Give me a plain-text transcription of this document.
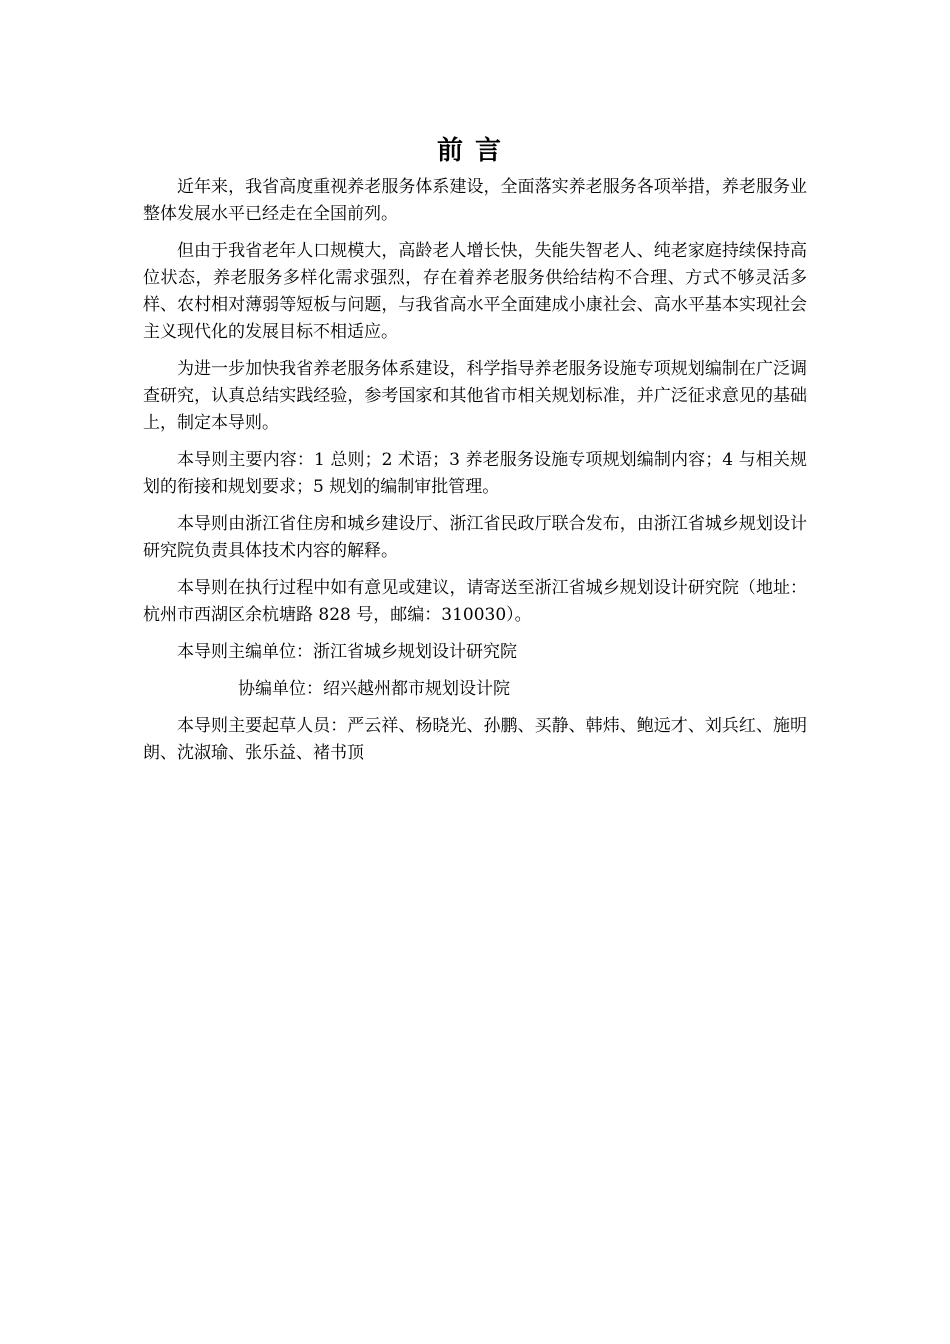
前言

近年来，我省高度重视养老服务体系建设，全面落实养老服务各项举措，养老服务业整体发展水平已经走在全国前列。

但由于我省老年人口规模大，高龄老人增长快，失能失智老人、纯老家庭持续保持高位状态，养老服务多样化需求强烈，存在着养老服务供给结构不合理、方式不够灵活多样、农村相对薄弱等短板与问题，与我省高水平全面建成小康社会、高水平基本实现社会主义现代化的发展目标不相适应。

为进一步加快我省养老服务体系建设，科学指导养老服务设施专项规划编制在广泛调查研究，认真总结实践经验，参考国家和其他省市相关规划标准，并广泛征求意见的基础上，制定本导则。

本导则主要内容：1 总则；2 术语；3 养老服务设施专项规划编制内容；4 与相关规划的衔接和规划要求；5 规划的编制审批管理。

本导则由浙江省住房和城乡建设厅、浙江省民政厅联合发布，由浙江省城乡规划设计研究院负责具体技术内容的解释。

本导则在执行过程中如有意见或建议，请寄送至浙江省城乡规划设计研究院（地址：杭州市西湖区余杭塘路 828 号，邮编：310030）。

本导则主编单位：浙江省城乡规划设计研究院

协编单位：绍兴越州都市规划设计院

本导则主要起草人员：严云祥、杨晓光、孙鹏、买静、韩炜、鲍远才、刘兵红、施明朗、沈淑瑜、张乐益、褚书顶
